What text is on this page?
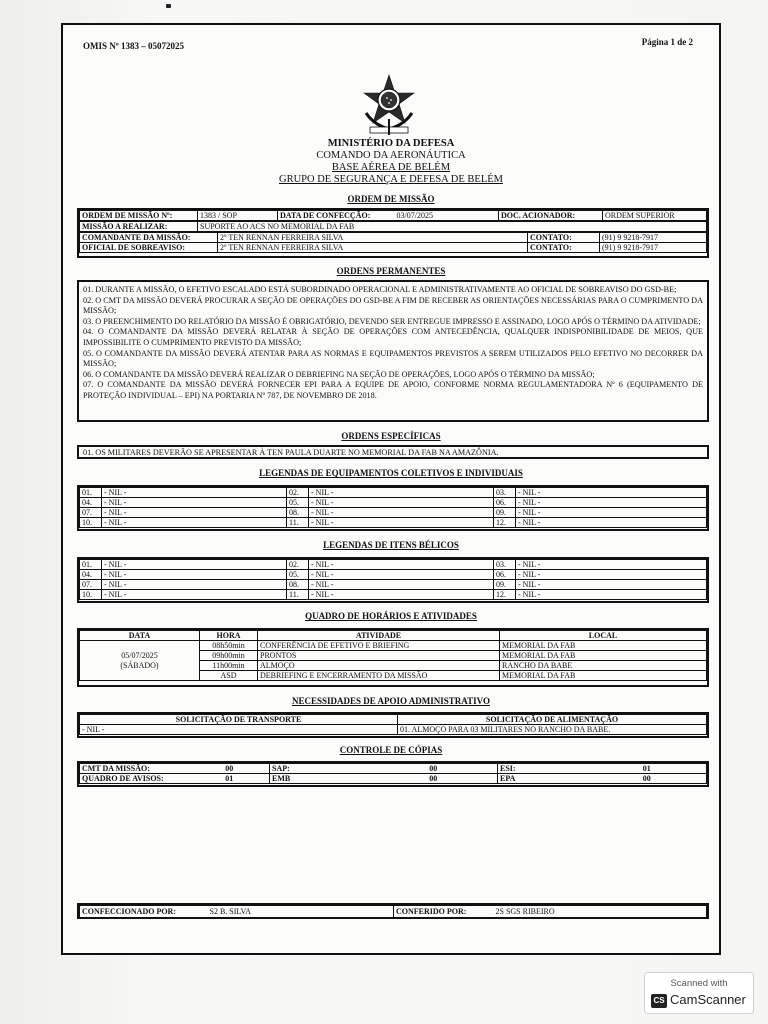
OMIS Nº 1383 – 05072025	Página 1 de 2
MINISTÉRIO DA DEFESA
COMANDO DA AERONÁUTICA
BASE AÉREA DE BELÉM
GRUPO DE SEGURANÇA E DEFESA DE BELÉM
ORDEM DE MISSÃO
ORDEM DE MISSÃO Nº:	1383 / SOP	DATA DE CONFECÇÃO:	03/07/2025	DOC. ACIONADOR:	ORDEM SUPERIOR
MISSÃO A REALIZAR:	SUPORTE AO ACS NO MEMORIAL DA FAB
COMANDANTE DA MISSÃO:	2º TEN RENNAN FERREIRA SILVA	CONTATO:	(91) 9 9218-7917
OFICIAL DE SOBREAVISO:	2º TEN RENNAN FERREIRA SILVA	CONTATO:	(91) 9 9218-7917
ORDENS PERMANENTES
01. DURANTE A MISSÃO, O EFETIVO ESCALADO ESTÁ SUBORDINADO OPERACIONAL E ADMINISTRATIVAMENTE AO OFICIAL DE SOBREAVISO DO GSD-BE;
02. O CMT DA MISSÃO DEVERÁ PROCURAR A SEÇÃO DE OPERAÇÕES DO GSD-BE A FIM DE RECEBER AS ORIENTAÇÕES NECESSÁRIAS PARA O CUMPRIMENTO DA MISSÃO;
03. O PREENCHIMENTO DO RELATÓRIO DA MISSÃO É OBRIGATÓRIO, DEVENDO SER ENTREGUE IMPRESSO E ASSINADO, LOGO APÓS O TÉRMINO DA ATIVIDADE;
04. O COMANDANTE DA MISSÃO DEVERÁ RELATAR À SEÇÃO DE OPERAÇÕES COM ANTECEDÊNCIA, QUALQUER INDISPONIBILIDADE DE MEIOS, QUE IMPOSSIBILITE O CUMPRIMENTO PREVISTO DA MISSÃO;
05. O COMANDANTE DA MISSÃO DEVERÁ ATENTAR PARA AS NORMAS E EQUIPAMENTOS PREVISTOS A SEREM UTILIZADOS PELO EFETIVO NO DECORRER DA MISSÃO;
06. O COMANDANTE DA MISSÃO DEVERÁ REALIZAR O DEBRIEFING NA SEÇÃO DE OPERAÇÕES, LOGO APÓS O TÉRMINO DA MISSÃO;
07. O COMANDANTE DA MISSÃO DEVERÁ FORNECER EPI PARA A EQUIPE DE APOIO, CONFORME NORMA REGULAMENTADORA Nº 6 (EQUIPAMENTO DE PROTEÇÃO INDIVIDUAL – EPI) NA PORTARIA Nº 787, DE NOVEMBRO DE 2018.
ORDENS ESPECÍFICAS
01. OS MILITARES DEVERÃO SE APRESENTAR À TEN PAULA DUARTE NO MEMORIAL DA FAB NA AMAZÔNIA.
LEGENDAS DE EQUIPAMENTOS COLETIVOS E INDIVIDUAIS
01.	- NIL -	02.	- NIL -	03.	- NIL -
04.	- NIL -	05.	- NIL -	06.	- NIL -
07.	- NIL -	08.	- NIL -	09.	- NIL -
10.	- NIL -	11.	- NIL -	12.	- NIL -
LEGENDAS DE ITENS BÉLICOS
01.	- NIL -	02.	- NIL -	03.	- NIL -
04.	- NIL -	05.	- NIL -	06.	- NIL -
07.	- NIL -	08.	- NIL -	09.	- NIL -
10.	- NIL -	11.	- NIL -	12.	- NIL -
QUADRO DE HORÁRIOS E ATIVIDADES
DATA	HORA	ATIVIDADE	LOCAL

05/07/2025
(SÁBADO)	08h50min	CONFERÊNCIA DE EFETIVO E BRIEFING	MEMORIAL DA FAB
	09h00min	PRONTOS	MEMORIAL DA FAB
	11h00min	ALMOÇO	RANCHO DA BABE
	ASD	DEBRIEFING E ENCERRAMENTO DA MISSÃO	MEMORIAL DA FAB
NECESSIDADES DE APOIO ADMINISTRATIVO
SOLICITAÇÃO DE TRANSPORTE	SOLICITAÇÃO DE ALIMENTAÇÃO
- NIL -	01. ALMOÇO PARA 03 MILITARES NO RANCHO DA BABE.
CONTROLE DE CÓPIAS
CMT DA MISSÃO:	00	SAP:	00	ESI:	01
QUADRO DE AVISOS:	01	EMB	00	EPA	00
CONFECCIONADO POR:	S2 B. SILVA	CONFERIDO POR:	2S SGS RIBEIRO
Scanned with
CS CamScanner
